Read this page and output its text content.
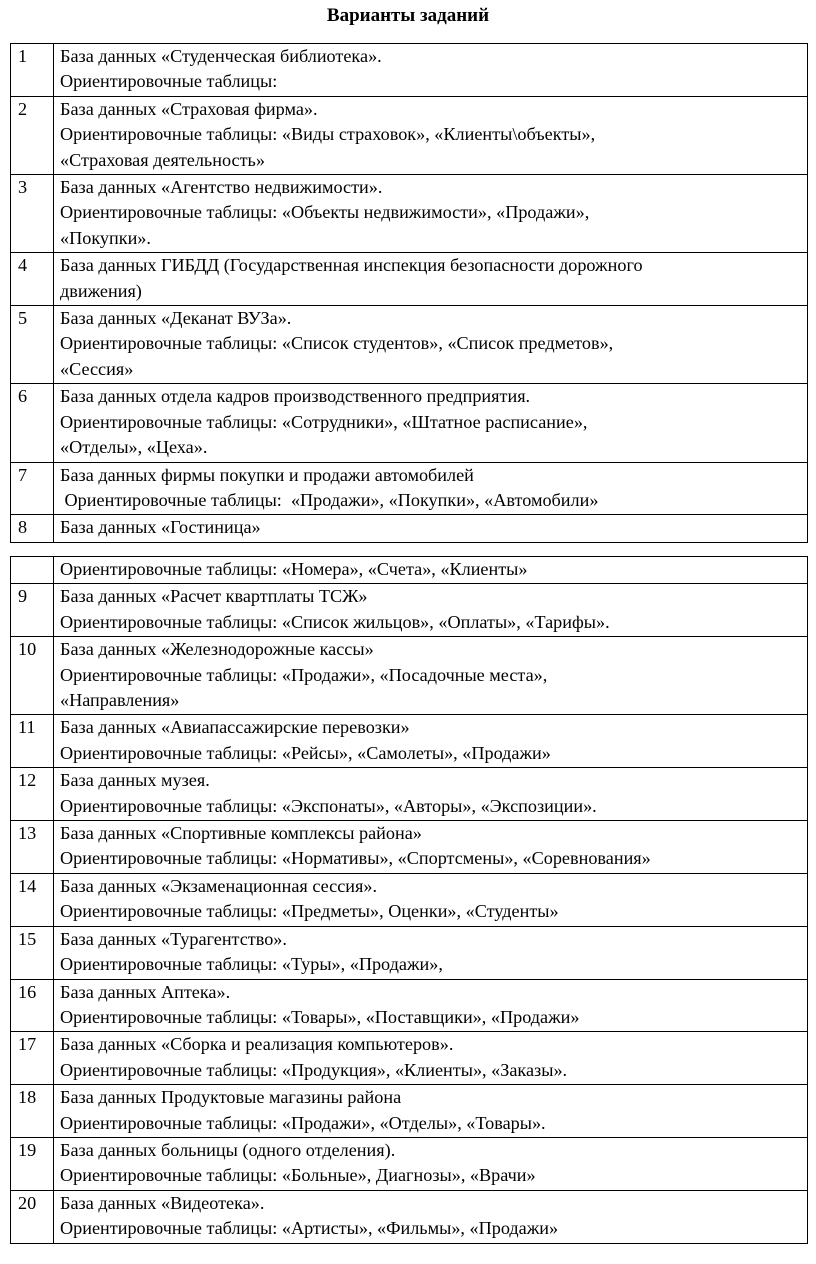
Варианты заданий
1	База данных «Студенческая библиотека».
Ориентировочные таблицы:

2	База данных «Страховая фирма».
Ориентировочные таблицы: «Виды страховок», «Клиенты\объекты»,
«Страховая деятельность»

3	База данных «Агентство недвижимости».
Ориентировочные таблицы: «Объекты недвижимости», «Продажи»,
«Покупки».

4	База данных ГИБДД (Государственная инспекция безопасности дорожного
движения)

5	База данных «Деканат ВУЗа».
Ориентировочные таблицы: «Список студентов», «Список предметов»,
«Сессия»

6	База данных отдела кадров производственного предприятия.
Ориентировочные таблицы: «Сотрудники», «Штатное расписание»,
«Отделы», «Цеха».

7	База данных фирмы покупки и продажи автомобилей
Ориентировочные таблицы:  «Продажи», «Покупки», «Автомобили»

8	База данных «Гостиница»

	Ориентировочные таблицы: «Номера», «Счета», «Клиенты»

9	База данных «Расчет квартплаты ТСЖ»
Ориентировочные таблицы: «Список жильцов», «Оплаты», «Тарифы».

10	База данных «Железнодорожные кассы»
Ориентировочные таблицы: «Продажи», «Посадочные места»,
«Направления»

11	База данных «Авиапассажирские перевозки»
Ориентировочные таблицы: «Рейсы», «Самолеты», «Продажи»

12	База данных музея.
Ориентировочные таблицы: «Экспонаты», «Авторы», «Экспозиции».

13	База данных «Спортивные комплексы района»
Ориентировочные таблицы: «Нормативы», «Спортсмены», «Соревнования»

14	База данных «Экзаменационная сессия».
Ориентировочные таблицы: «Предметы», Оценки», «Студенты»

15	База данных «Турагентство».
Ориентировочные таблицы: «Туры», «Продажи»,

16	База данных Аптека».
Ориентировочные таблицы: «Товары», «Поставщики», «Продажи»

17	База данных «Сборка и реализация компьютеров».
Ориентировочные таблицы: «Продукция», «Клиенты», «Заказы».

18	База данных Продуктовые магазины района
Ориентировочные таблицы: «Продажи», «Отделы», «Товары».

19	База данных больницы (одного отделения).
Ориентировочные таблицы: «Больные», Диагнозы», «Врачи»

20	База данных «Видеотека».
Ориентировочные таблицы: «Артисты», «Фильмы», «Продажи»
